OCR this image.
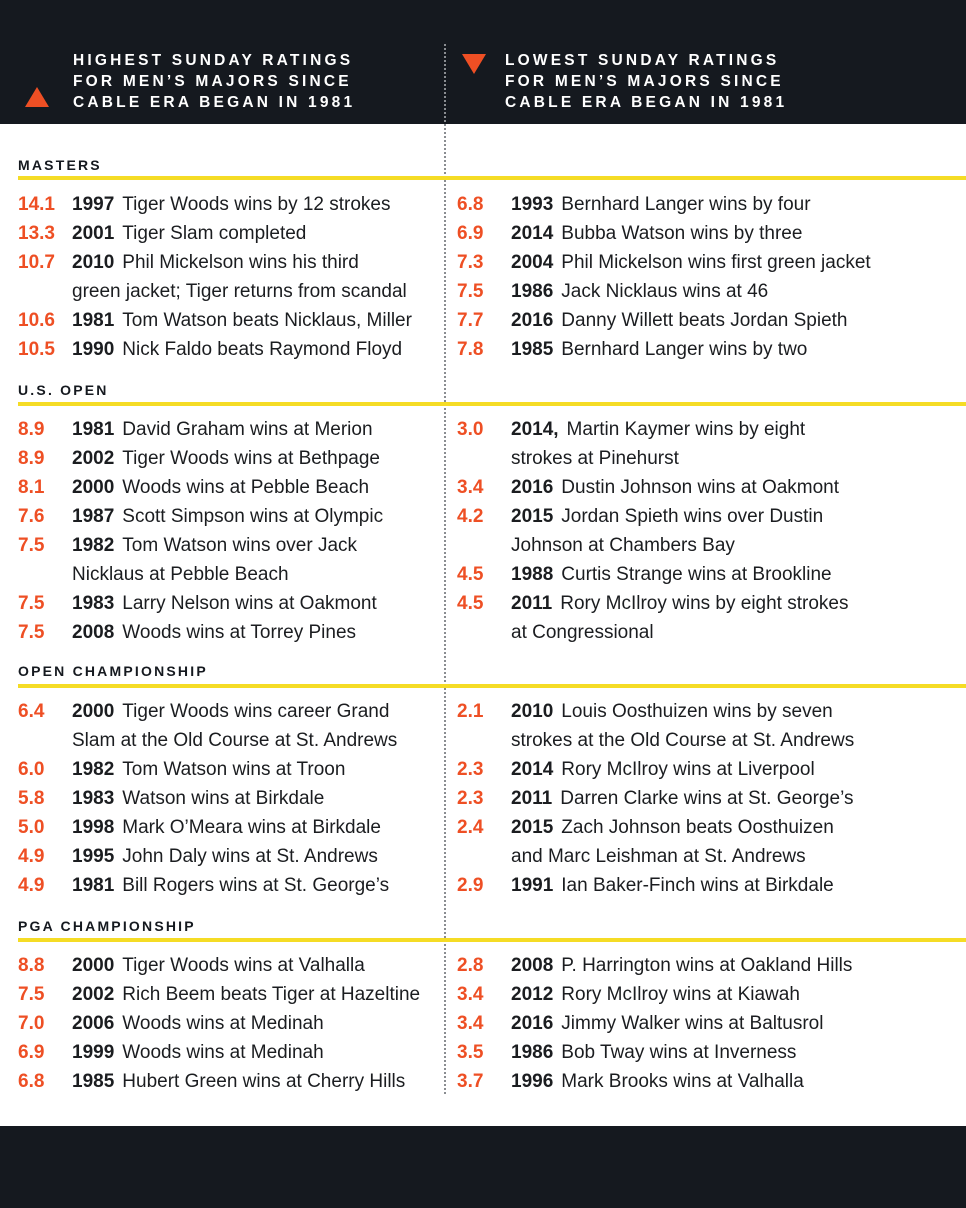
HIGHEST SUNDAY RATINGS
FOR MEN’S MAJORS SINCE
CABLE ERA BEGAN IN 1981
LOWEST SUNDAY RATINGS
FOR MEN’S MAJORS SINCE
CABLE ERA BEGAN IN 1981
MASTERS
14.1 1997 Tiger Woods wins by 12 strokes
13.3 2001 Tiger Slam completed
10.7 2010 Phil Mickelson wins his third
green jacket; Tiger returns from scandal
10.6 1981 Tom Watson beats Nicklaus, Miller
10.5 1990 Nick Faldo beats Raymond Floyd
6.8 1993 Bernhard Langer wins by four
6.9 2014 Bubba Watson wins by three
7.3 2004 Phil Mickelson wins first green jacket
7.5 1986 Jack Nicklaus wins at 46
7.7 2016 Danny Willett beats Jordan Spieth
7.8 1985 Bernhard Langer wins by two
U.S. OPEN
8.9 1981 David Graham wins at Merion
8.9 2002 Tiger Woods wins at Bethpage
8.1 2000 Woods wins at Pebble Beach
7.6 1987 Scott Simpson wins at Olympic
7.5 1982 Tom Watson wins over Jack
Nicklaus at Pebble Beach
7.5 1983 Larry Nelson wins at Oakmont
7.5 2008 Woods wins at Torrey Pines
3.0 2014, Martin Kaymer wins by eight
strokes at Pinehurst
3.4 2016 Dustin Johnson wins at Oakmont
4.2 2015 Jordan Spieth wins over Dustin
Johnson at Chambers Bay
4.5 1988 Curtis Strange wins at Brookline
4.5 2011 Rory McIlroy wins by eight strokes
at Congressional
OPEN CHAMPIONSHIP
6.4 2000 Tiger Woods wins career Grand
Slam at the Old Course at St. Andrews
6.0 1982 Tom Watson wins at Troon
5.8 1983 Watson wins at Birkdale
5.0 1998 Mark O’Meara wins at Birkdale
4.9 1995 John Daly wins at St. Andrews
4.9 1981 Bill Rogers wins at St. George’s
2.1 2010 Louis Oosthuizen wins by seven
strokes at the Old Course at St. Andrews
2.3 2014 Rory McIlroy wins at Liverpool
2.3 2011 Darren Clarke wins at St. George’s
2.4 2015 Zach Johnson beats Oosthuizen
and Marc Leishman at St. Andrews
2.9 1991 Ian Baker-Finch wins at Birkdale
PGA CHAMPIONSHIP
8.8 2000 Tiger Woods wins at Valhalla
7.5 2002 Rich Beem beats Tiger at Hazeltine
7.0 2006 Woods wins at Medinah
6.9 1999 Woods wins at Medinah
6.8 1985 Hubert Green wins at Cherry Hills
2.8 2008 P. Harrington wins at Oakland Hills
3.4 2012 Rory McIlroy wins at Kiawah
3.4 2016 Jimmy Walker wins at Baltusrol
3.5 1986 Bob Tway wins at Inverness
3.7 1996 Mark Brooks wins at Valhalla
